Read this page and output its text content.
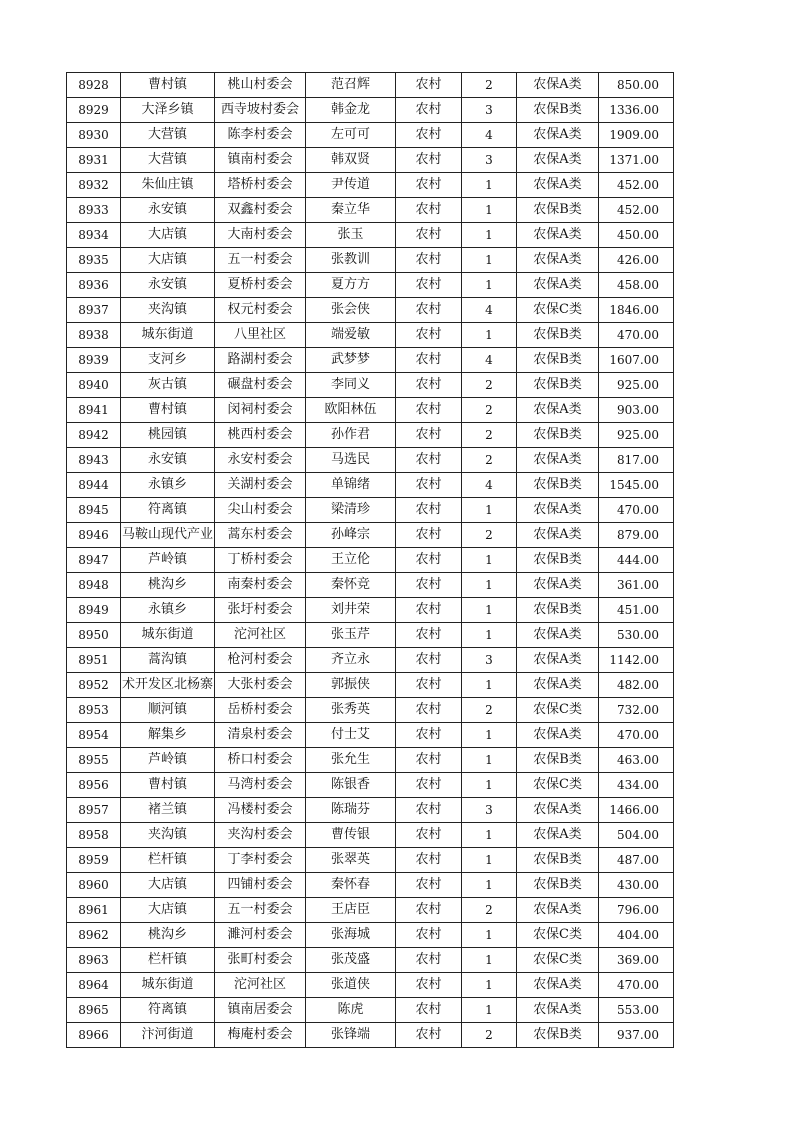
8928	曹村镇	桃山村委会	范召辉	农村	2	农保A类	850.00
8929	大泽乡镇	西寺坡村委会	韩金龙	农村	3	农保B类	1336.00
8930	大营镇	陈李村委会	左可可	农村	4	农保A类	1909.00
8931	大营镇	镇南村委会	韩双贤	农村	3	农保A类	1371.00
8932	朱仙庄镇	塔桥村委会	尹传道	农村	1	农保A类	452.00
8933	永安镇	双鑫村委会	秦立华	农村	1	农保B类	452.00
8934	大店镇	大南村委会	张玉	农村	1	农保A类	450.00
8935	大店镇	五一村委会	张教训	农村	1	农保A类	426.00
8936	永安镇	夏桥村委会	夏方方	农村	1	农保A类	458.00
8937	夹沟镇	权元村委会	张会侠	农村	4	农保C类	1846.00
8938	城东街道	八里社区	端爱敏	农村	1	农保B类	470.00
8939	支河乡	路湖村委会	武梦梦	农村	4	农保B类	1607.00
8940	灰古镇	碾盘村委会	李同义	农村	2	农保B类	925.00
8941	曹村镇	闵祠村委会	欧阳林伍	农村	2	农保A类	903.00
8942	桃园镇	桃西村委会	孙作君	农村	2	农保B类	925.00
8943	永安镇	永安村委会	马选民	农村	2	农保A类	817.00
8944	永镇乡	关湖村委会	单锦绪	农村	4	农保B类	1545.00
8945	符离镇	尖山村委会	梁清珍	农村	1	农保A类	470.00
8946	马鞍山现代产业	蒿东村委会	孙峰宗	农村	2	农保A类	879.00
8947	芦岭镇	丁桥村委会	王立伦	农村	1	农保B类	444.00
8948	桃沟乡	南秦村委会	秦怀竞	农村	1	农保A类	361.00
8949	永镇乡	张圩村委会	刘井荣	农村	1	农保B类	451.00
8950	城东街道	沱河社区	张玉芹	农村	1	农保A类	530.00
8951	蒿沟镇	枪河村委会	齐立永	农村	3	农保A类	1142.00
8952	术开发区北杨寨	大张村委会	郭振侠	农村	1	农保A类	482.00
8953	顺河镇	岳桥村委会	张秀英	农村	2	农保C类	732.00
8954	解集乡	清泉村委会	付士艾	农村	1	农保A类	470.00
8955	芦岭镇	桥口村委会	张允生	农村	1	农保B类	463.00
8956	曹村镇	马湾村委会	陈银香	农村	1	农保C类	434.00
8957	褚兰镇	冯楼村委会	陈瑞芬	农村	3	农保A类	1466.00
8958	夹沟镇	夹沟村委会	曹传银	农村	1	农保A类	504.00
8959	栏杆镇	丁李村委会	张翠英	农村	1	农保B类	487.00
8960	大店镇	四铺村委会	秦怀春	农村	1	农保B类	430.00
8961	大店镇	五一村委会	王店臣	农村	2	农保A类	796.00
8962	桃沟乡	濉河村委会	张海城	农村	1	农保C类	404.00
8963	栏杆镇	张町村委会	张茂盛	农村	1	农保C类	369.00
8964	城东街道	沱河社区	张道侠	农村	1	农保A类	470.00
8965	符离镇	镇南居委会	陈虎	农村	1	农保A类	553.00
8966	汴河街道	梅庵村委会	张锋端	农村	2	农保B类	937.00
